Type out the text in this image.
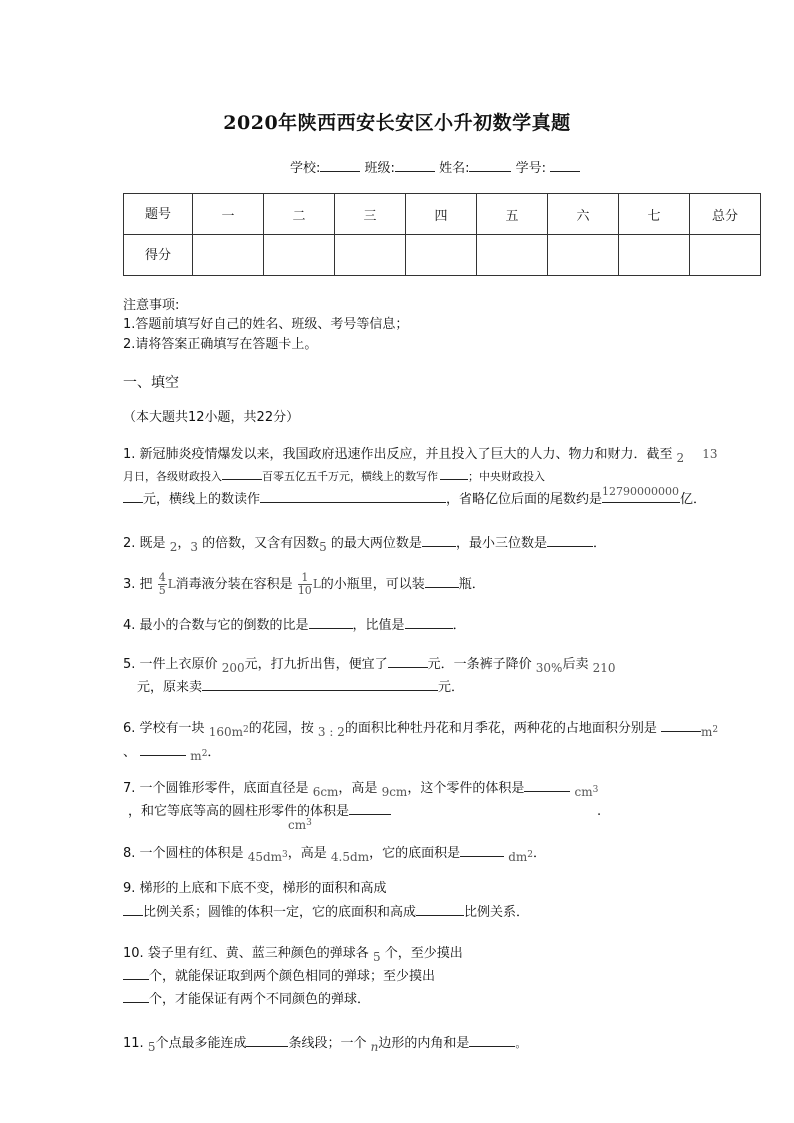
2020年陕西西安长安区小升初数学真题
学校:	班级:	姓名:	学号:
题号	一	二	三	四	五	六	七	总分
得分								
注意事项:
1.答题前填写好自己的姓名、班级、考号等信息；
2.请将答案正确填写在答题卡上。
一、填空
（本大题共12小题，共22分）
1. 新冠肺炎疫情爆发以来，我国政府迅速作出反应，并且投入了巨大的人力、物力和财力．截至 2 13
月日，各级财政投入	百零五亿五千万元，横线上的数写作	；中央财政投入
元，横线上的数读作	，省略亿位后面的尾数约是
12790000000
亿．
2. 既是 2，3 的倍数，又含有因数5 的最大两位数是	，最小三位数是	．
3. 把 $\frac{4}{5}$ L消毒液分装在容积是 $\frac{1}{10}$ L的小瓶里，可以装	瓶．
4. 最小的合数与它的倒数的比是	，比值是	．
5. 一件上衣原价 200元，打九折出售，便宜了	元．一条裤子降价 30%后卖 210
元，原来卖	元．
6. 学校有一块 $160m^2$的花园，按 3 : 2的面积比种牡丹花和月季花，两种花的占地面积分别是	$m^2$
、	$m^2$．
7. 一个圆锥形零件，底面直径是 6cm，高是 9cm，这个零件的体积是	$cm^3$
，和它等底等高的圆柱形零件的体积是
$cm^3$
.
8. 一个圆柱的体积是 $45dm^3$，高是 4.5dm，它的底面积是	$dm^2$．
9. 梯形的上底和下底不变，梯形的面积和高成
比例关系；圆锥的体积一定，它的底面积和高成	比例关系．
10. 袋子里有红、黄、蓝三种颜色的弹球各 5 个，至少摸出
个，就能保证取到两个颜色相同的弹球；至少摸出
个，才能保证有两个不同颜色的弹球．
11. 5个点最多能连成	条线段；一个 n边形的内角和是	。
